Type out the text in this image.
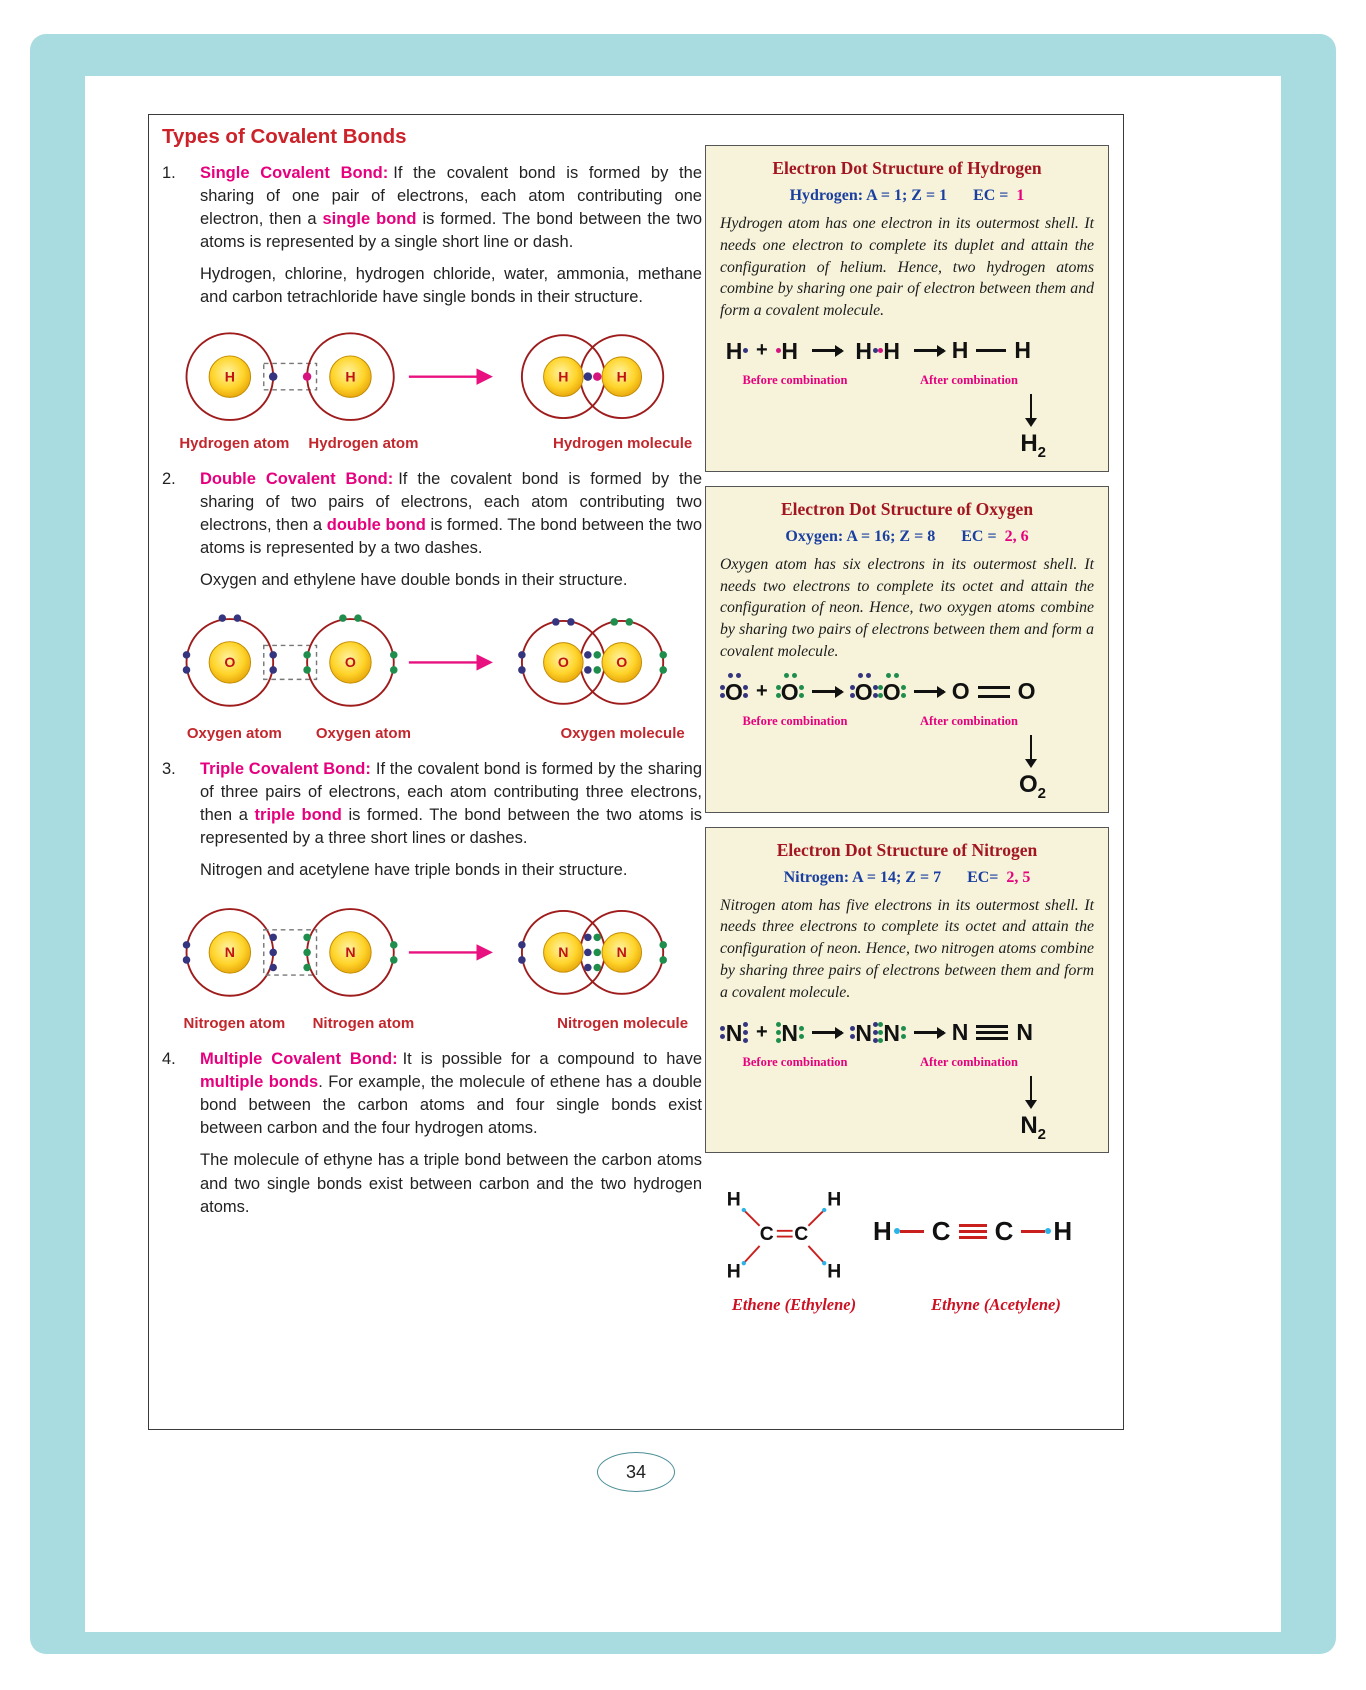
Types of Covalent Bonds
1.	Single Covalent Bond: If the covalent bond is formed by the sharing of one pair of electrons, each atom contributing one electron, then a single bond is formed. The bond between the two atoms is represented by a single short line or dash.

Hydrogen, chlorine, hydrogen chloride, water, ammonia, methane and carbon tetrachloride have single bonds in their structure.

H	H	H	H
Hydrogen atom Hydrogen atom	Hydrogen molecule
2.	Double Covalent Bond: If the covalent bond is formed by the sharing of two pairs of electrons, each atom contributing two electrons, then a double bond is formed. The bond between the two atoms is represented by a two dashes.

Oxygen and ethylene have double bonds in their structure.

O	O	O	O
Oxygen atom Oxygen atom	Oxygen molecule
3.	Triple Covalent Bond: If the covalent bond is formed by the sharing of three pairs of electrons, each atom contributing three electrons, then a triple bond is formed. The bond between the two atoms is represented by a three short lines or dashes.

Nitrogen and acetylene have triple bonds in their structure.

N	N	N	N
Nitrogen atom Nitrogen atom	Nitrogen molecule
4.	Multiple Covalent Bond: It is possible for a compound to have multiple bonds. For example, the molecule of ethene has a double bond between the carbon atoms and four single bonds exist between carbon and the four hydrogen atoms.

The molecule of ethyne has a triple bond between the carbon atoms and two single bonds exist between carbon and the two hydrogen atoms.

Electron Dot Structure of Hydrogen

Hydrogen: A = 1; Z = 1 EC = 1

Hydrogen atom has one electron in its outermost shell. It needs one electron to complete its duplet and attain the configuration of helium. Hence, two hydrogen atoms combine by sharing one pair of electron between them and form a covalent molecule.

H + H H H H H
Before combination	After combination
$H_2$
Electron Dot Structure of Oxygen

Oxygen: A = 16; Z = 8 EC = 2, 6

Oxygen atom has six electrons in its outermost shell. It needs two electrons to complete its octet and attain the configuration of neon. Hence, two oxygen atoms combine by sharing two pairs of electrons between them and form a covalent molecule.

O + O O O O O
Before combination	After combination
$O_2$
Electron Dot Structure of Nitrogen

Nitrogen: A = 14; Z = 7 EC= 2, 5

Nitrogen atom has five electrons in its outermost shell. It needs three electrons to complete its octet and attain the configuration of neon. Hence, two nitrogen atoms combine by sharing three pairs of electrons between them and form a covalent molecule.

N + N N N N N
Before combination	After combination
$N_2$
H	H
H	H
C C H C C H
Ethene (Ethylene)	Ethyne (Acetylene)
34
